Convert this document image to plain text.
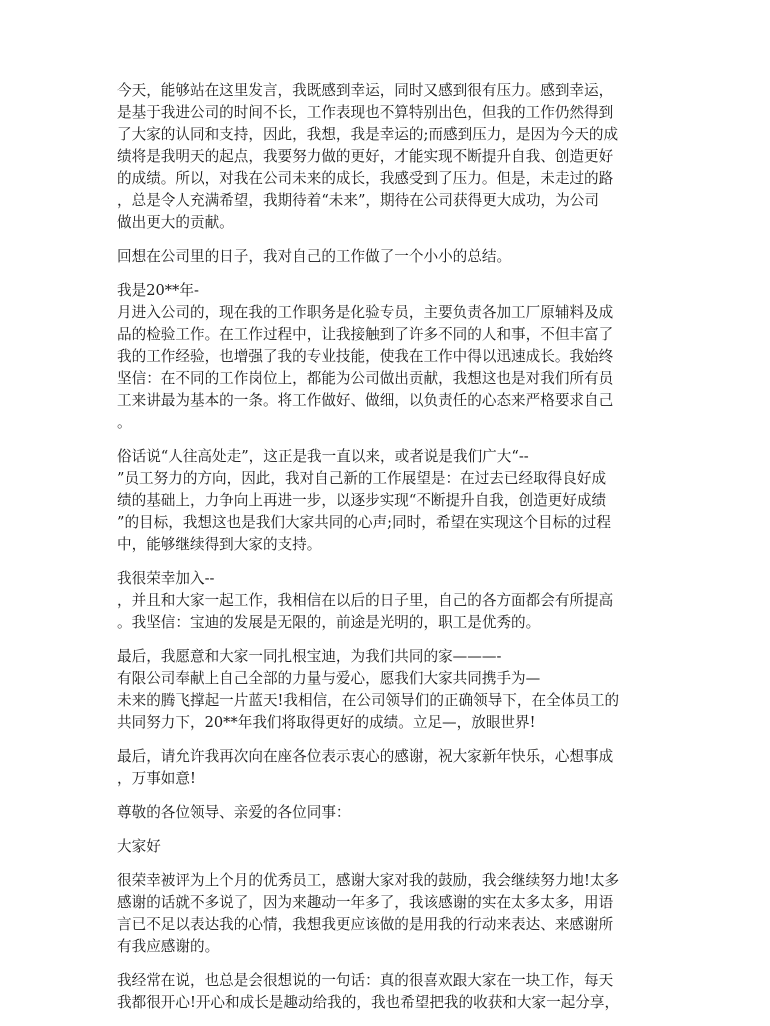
今天，能够站在这里发言，我既感到幸运，同时又感到很有压力。感到幸运，
是基于我进公司的时间不长，工作表现也不算特别出色，但我的工作仍然得到
了大家的认同和支持，因此，我想，我是幸运的;而感到压力，是因为今天的成
绩将是我明天的起点，我要努力做的更好，才能实现不断提升自我、创造更好
的成绩。所以，对我在公司未来的成长，我感受到了压力。但是，未走过的路
，总是令人充满希望，我期待着“未来”，期待在公司获得更大成功，为公司
做出更大的贡献。

回想在公司里的日子，我对自己的工作做了一个小小的总结。

我是20**年-
月进入公司的，现在我的工作职务是化验专员，主要负责各加工厂原辅料及成
品的检验工作。在工作过程中，让我接触到了许多不同的人和事，不但丰富了
我的工作经验，也增强了我的专业技能，使我在工作中得以迅速成长。我始终
坚信：在不同的工作岗位上，都能为公司做出贡献，我想这也是对我们所有员
工来讲最为基本的一条。将工作做好、做细，以负责任的心态来严格要求自己
。

俗话说“人往高处走”，这正是我一直以来，或者说是我们广大“--
”员工努力的方向，因此，我对自己新的工作展望是：在过去已经取得良好成
绩的基础上，力争向上再进一步，以逐步实现“不断提升自我，创造更好成绩
”的目标，我想这也是我们大家共同的心声;同时，希望在实现这个目标的过程
中，能够继续得到大家的支持。

我很荣幸加入--
，并且和大家一起工作，我相信在以后的日子里，自己的各方面都会有所提高
。我坚信：宝迪的发展是无限的，前途是光明的，职工是优秀的。

最后，我愿意和大家一同扎根宝迪，为我们共同的家———-
有限公司奉献上自己全部的力量与爱心，愿我们大家共同携手为—
未来的腾飞撑起一片蓝天!我相信，在公司领导们的正确领导下，在全体员工的
共同努力下，20**年我们将取得更好的成绩。立足—，放眼世界!

最后，请允许我再次向在座各位表示衷心的感谢，祝大家新年快乐，心想事成
，万事如意!

尊敬的各位领导、亲爱的各位同事：

大家好

很荣幸被评为上个月的优秀员工，感谢大家对我的鼓励，我会继续努力地!太多
感谢的话就不多说了，因为来趣动一年多了，我该感谢的实在太多太多，用语
言已不足以表达我的心情，我想我更应该做的是用我的行动来表达、来感谢所
有我应感谢的。

我经常在说，也总是会很想说的一句话：真的很喜欢跟大家在一块工作，每天
我都很开心!开心和成长是趣动给我的，我也希望把我的收获和大家一起分享，
